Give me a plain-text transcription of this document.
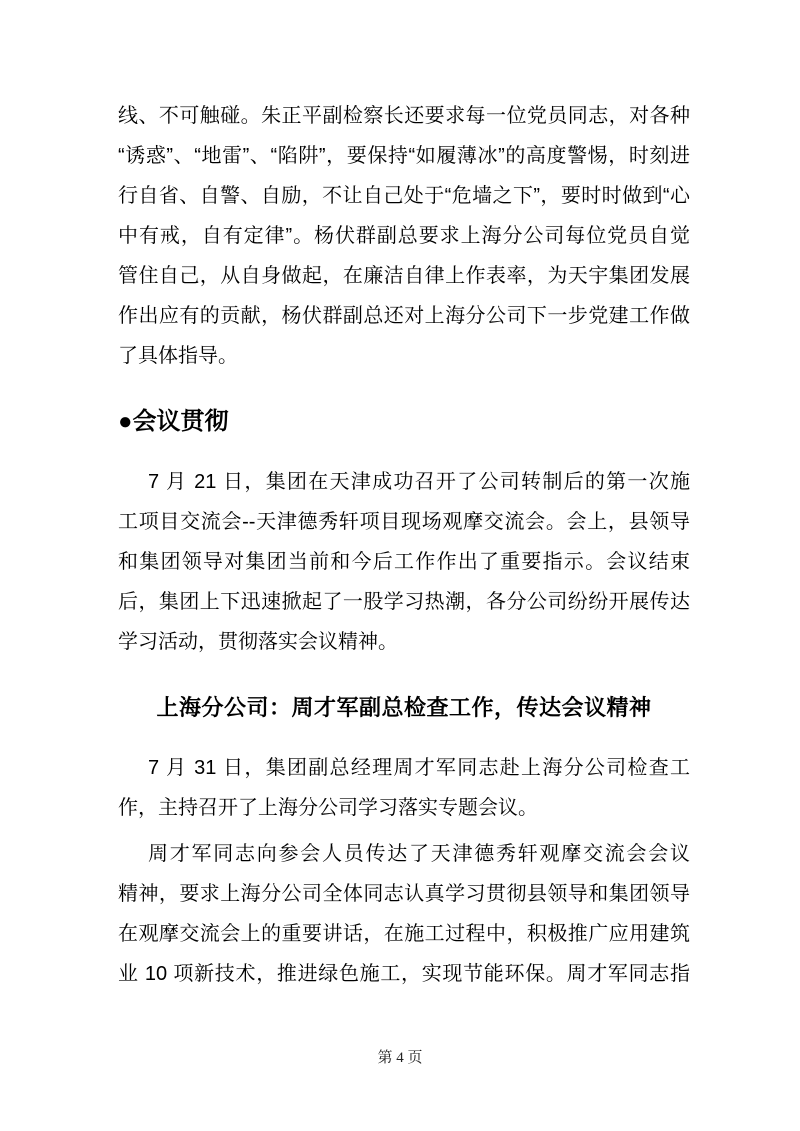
线、不可触碰。朱正平副检察长还要求每一位党员同志，对各种
“诱惑”、“地雷”、“陷阱”，要保持“如履薄冰”的高度警惕，时刻进
行自省、自警、自励，不让自己处于“危墙之下”，要时时做到“心
中有戒，自有定律”。杨伏群副总要求上海分公司每位党员自觉
管住自己，从自身做起，在廉洁自律上作表率，为天宇集团发展
作出应有的贡献，杨伏群副总还对上海分公司下一步党建工作做
了具体指导。
●会议贯彻
7 月 21 日，集团在天津成功召开了公司转制后的第一次施
工项目交流会--天津德秀轩项目现场观摩交流会。会上，县领导
和集团领导对集团当前和今后工作作出了重要指示。会议结束
后，集团上下迅速掀起了一股学习热潮，各分公司纷纷开展传达
学习活动，贯彻落实会议精神。
上海分公司：周才军副总检查工作，传达会议精神
7 月 31 日，集团副总经理周才军同志赴上海分公司检查工
作，主持召开了上海分公司学习落实专题会议。
周才军同志向参会人员传达了天津德秀轩观摩交流会会议
精神，要求上海分公司全体同志认真学习贯彻县领导和集团领导
在观摩交流会上的重要讲话，在施工过程中，积极推广应用建筑
业 10 项新技术，推进绿色施工，实现节能环保。周才军同志指
第 4 页
